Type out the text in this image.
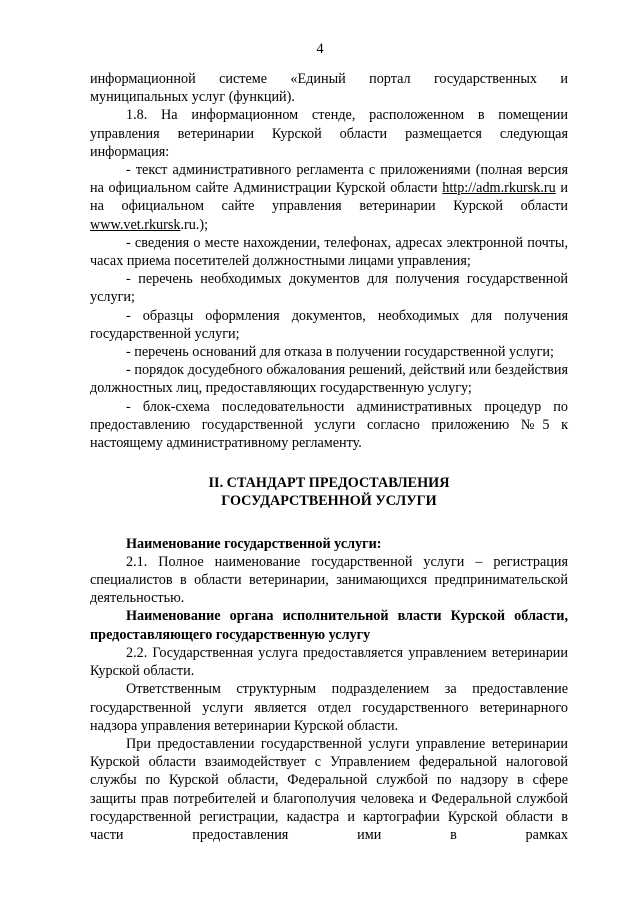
4

информационной системе «Единый портал государственных и муниципальных услуг (функций).

1.8. На информационном стенде, расположенном в помещении управления ветеринарии Курской области размещается следующая информация:

- текст административного регламента с приложениями (полная версия на официальном сайте Администрации Курской области http://adm.rkursk.ru и на официальном сайте управления ветеринарии Курской области www.vet.rkursk.ru.);

- сведения о месте нахождении, телефонах, адресах электронной почты, часах приема посетителей должностными лицами управления;

- перечень необходимых документов для получения государственной услуги;

- образцы оформления документов, необходимых для получения государственной услуги;

- перечень оснований для отказа в получении государственной услуги;

- порядок досудебного обжалования решений, действий или бездействия должностных лиц, предоставляющих государственную услугу;

- блок-схема последовательности административных процедур по предоставлению государственной услуги согласно приложению №5 к настоящему административному регламенту.

II. СТАНДАРТ ПРЕДОСТАВЛЕНИЯ

ГОСУДАРСТВЕННОЙ УСЛУГИ

Наименование государственной услуги:

2.1. Полное наименование государственной услуги – регистрация специалистов в области ветеринарии, занимающихся предпринимательской деятельностью.

Наименование органа исполнительной власти Курской области, предоставляющего государственную услугу

2.2. Государственная услуга предоставляется управлением ветеринарии Курской области.

Ответственным структурным подразделением за предоставление государственной услуги является отдел государственного ветеринарного надзора управления ветеринарии Курской области.

При предоставлении государственной услуги управление ветеринарии Курской области взаимодействует с Управлением федеральной налоговой службы по Курской области, Федеральной службой по надзору в сфере защиты прав потребителей и благополучия человека и Федеральной службой государственной регистрации, кадастра и картографии Курской области в части предоставления ими в рамках
